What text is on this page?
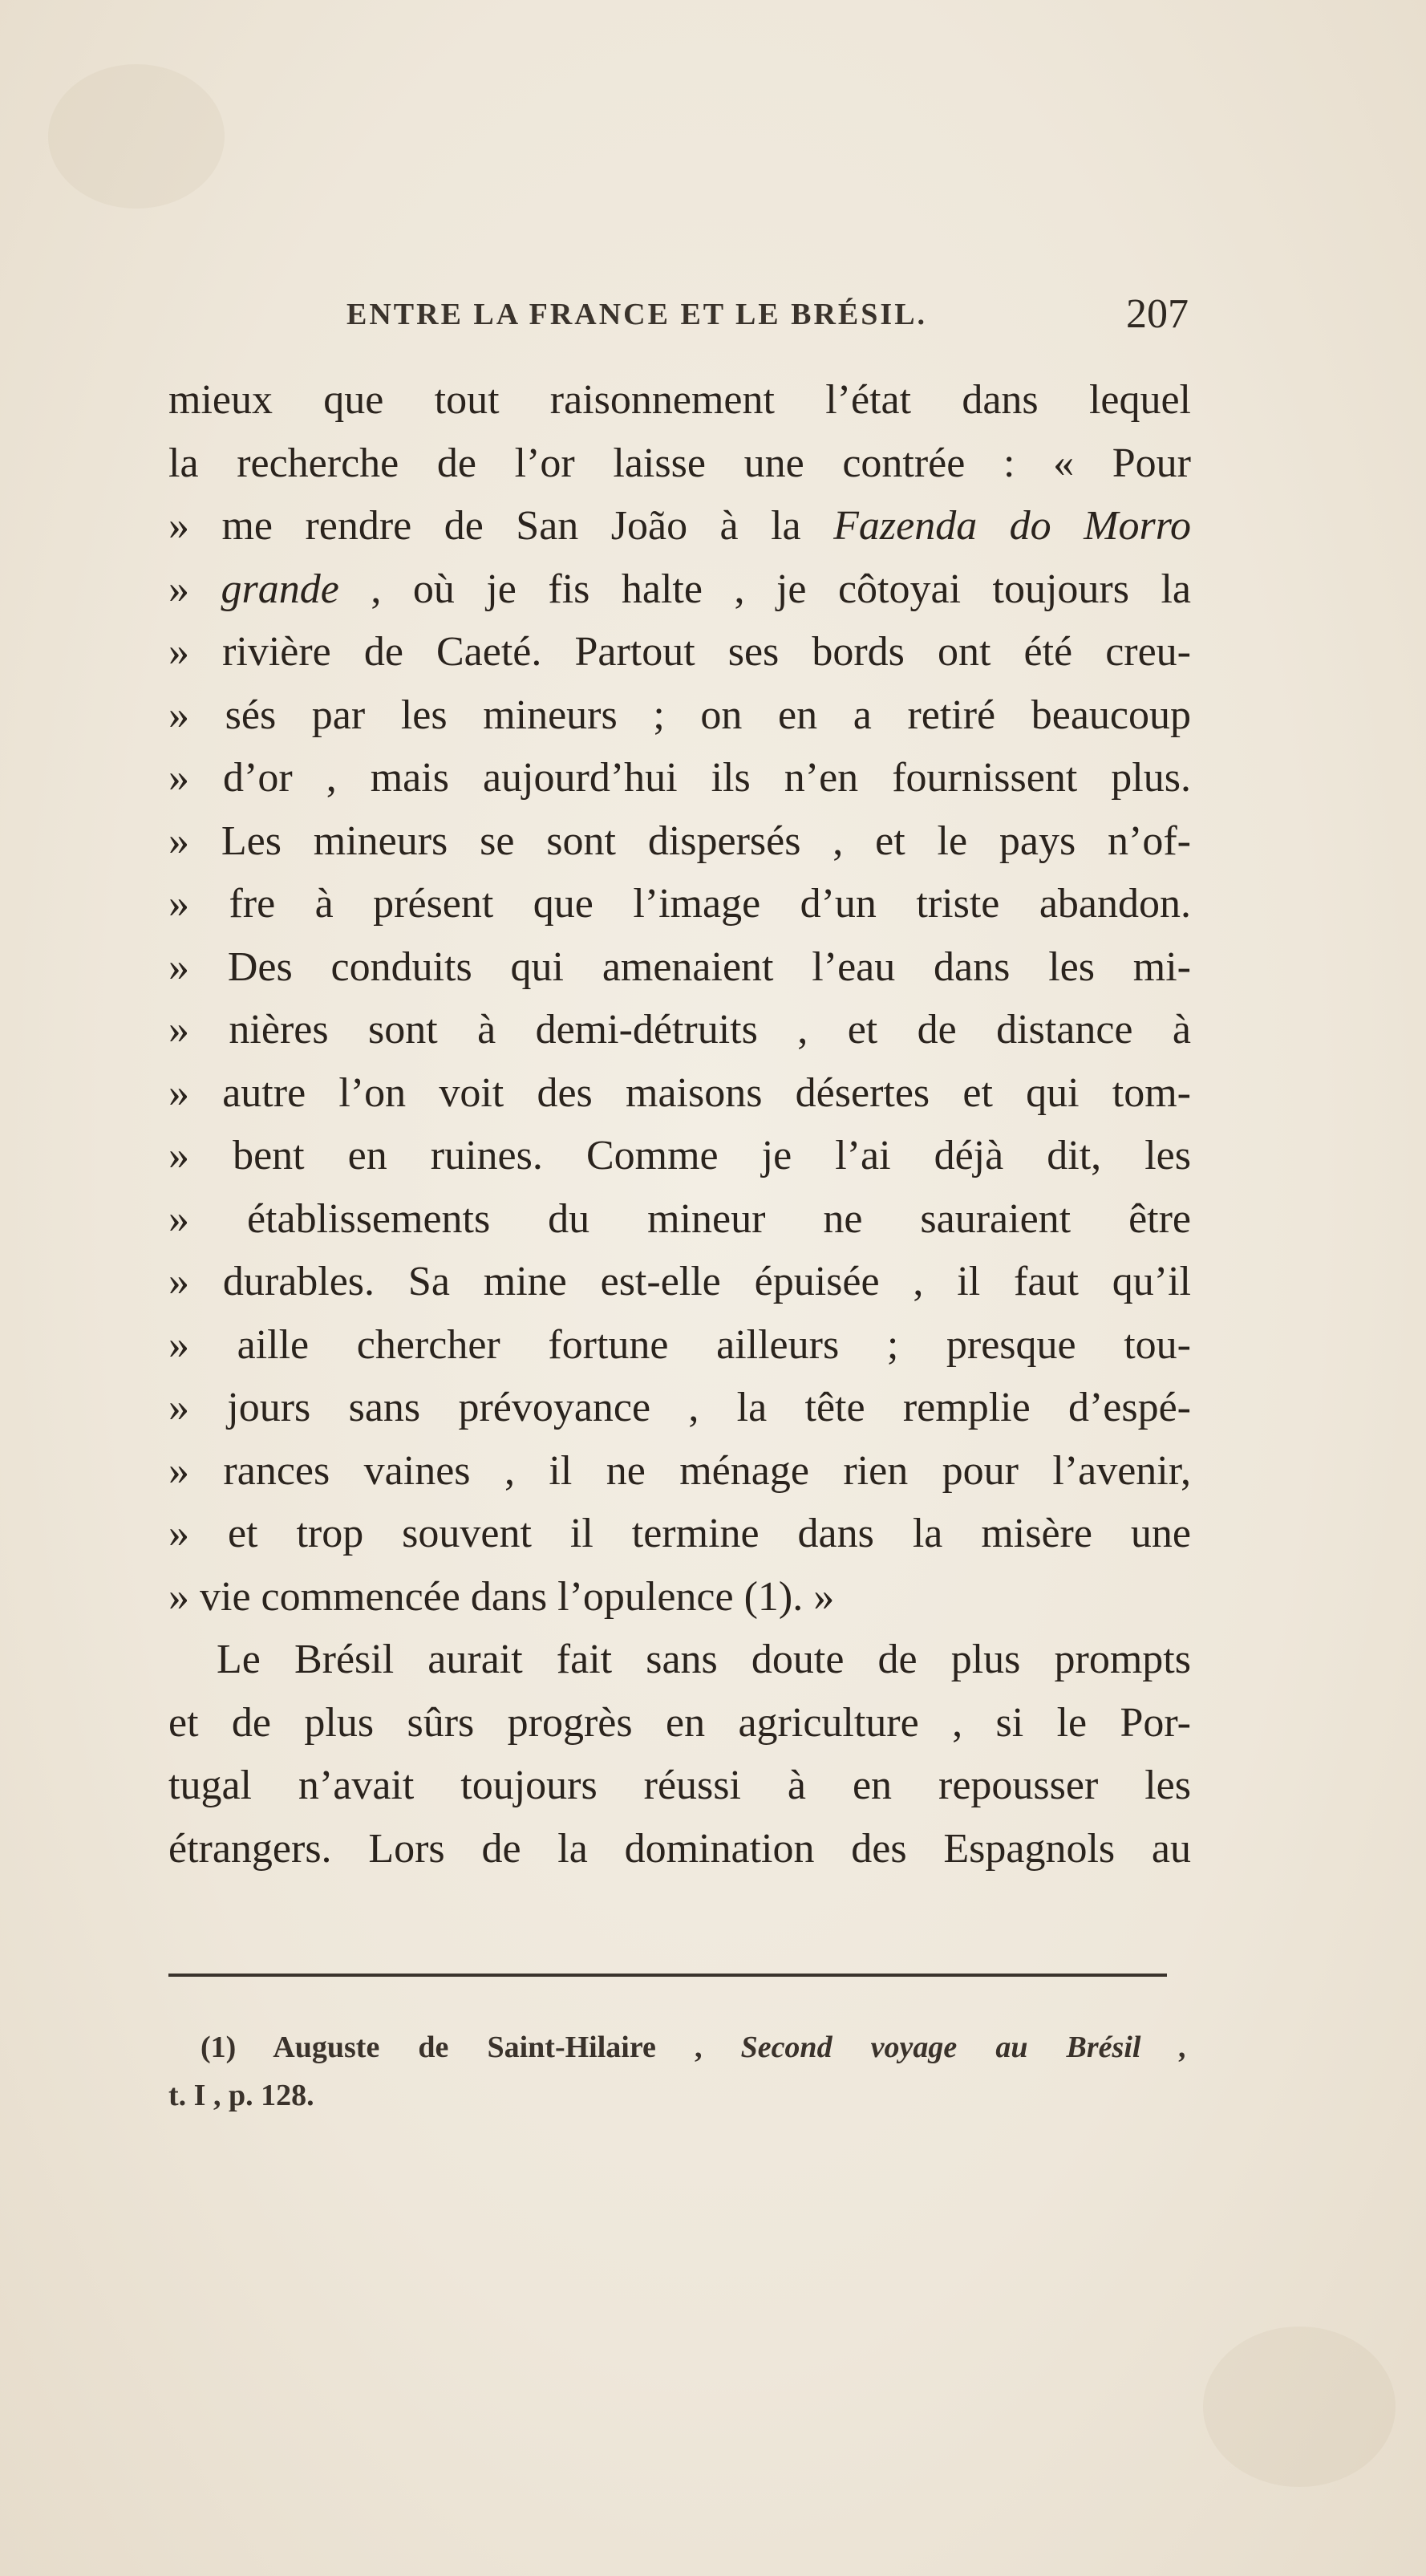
ENTRE LA FRANCE ET LE BRÉSIL.	207
mieux que tout raisonnement l’état dans lequel
la recherche de l’or laisse une contrée : « Pour
» me rendre de San João à la Fazenda do Morro
» grande , où je fis halte , je côtoyai toujours la
» rivière de Caeté. Partout ses bords ont été creu-
» sés par les mineurs ; on en a retiré beaucoup
» d’or , mais aujourd’hui ils n’en fournissent plus.
» Les mineurs se sont dispersés , et le pays n’of-
» fre à présent que l’image d’un triste abandon.
» Des conduits qui amenaient l’eau dans les mi-
» nières sont à demi-détruits , et de distance à
» autre l’on voit des maisons désertes et qui tom-
» bent en ruines. Comme je l’ai déjà dit, les
» établissements du mineur ne sauraient être
» durables. Sa mine est-elle épuisée , il faut qu’il
» aille chercher fortune ailleurs ; presque tou-
» jours sans prévoyance , la tête remplie d’espé-
» rances vaines , il ne ménage rien pour l’avenir,
» et trop souvent il termine dans la misère une
» vie commencée dans l’opulence (1). »
Le Brésil aurait fait sans doute de plus prompts
et de plus sûrs progrès en agriculture , si le Por-
tugal n’avait toujours réussi à en repousser les
étrangers. Lors de la domination des Espagnols au
(1) Auguste de Saint-Hilaire , Second voyage au Brésil ,
t. I , p. 128.
